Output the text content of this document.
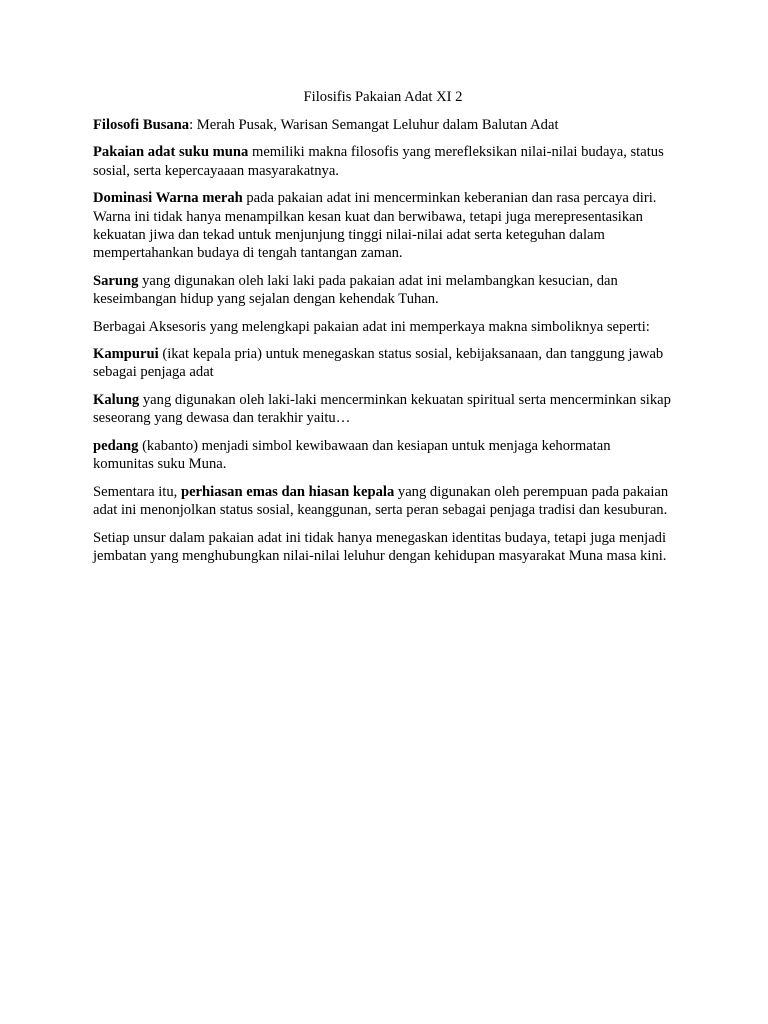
Filosifis Pakaian Adat XI 2

Filosofi Busana: Merah Pusak, Warisan Semangat Leluhur dalam Balutan Adat

Pakaian adat suku muna memiliki makna filosofis yang merefleksikan nilai-nilai budaya, status sosial, serta kepercayaaan masyarakatnya.

Dominasi Warna merah pada pakaian adat ini mencerminkan keberanian dan rasa percaya diri. Warna ini tidak hanya menampilkan kesan kuat dan berwibawa, tetapi juga merepresentasikan kekuatan jiwa dan tekad untuk menjunjung tinggi nilai-nilai adat serta keteguhan dalam mempertahankan budaya di tengah tantangan zaman.

Sarung yang digunakan oleh laki laki pada pakaian adat ini melambangkan kesucian, dan keseimbangan hidup yang sejalan dengan kehendak Tuhan.

Berbagai Aksesoris yang melengkapi pakaian adat ini memperkaya makna simboliknya seperti:

Kampurui (ikat kepala pria) untuk menegaskan status sosial, kebijaksanaan, dan tanggung jawab sebagai penjaga adat

Kalung yang digunakan oleh laki-laki mencerminkan kekuatan spiritual serta mencerminkan sikap seseorang yang dewasa dan terakhir yaitu…

pedang (kabanto) menjadi simbol kewibawaan dan kesiapan untuk menjaga kehormatan komunitas suku Muna.

Sementara itu, perhiasan emas dan hiasan kepala yang digunakan oleh perempuan pada pakaian adat ini menonjolkan status sosial, keanggunan, serta peran sebagai penjaga tradisi dan kesuburan.

Setiap unsur dalam pakaian adat ini tidak hanya menegaskan identitas budaya, tetapi juga menjadi jembatan yang menghubungkan nilai-nilai leluhur dengan kehidupan masyarakat Muna masa kini.
